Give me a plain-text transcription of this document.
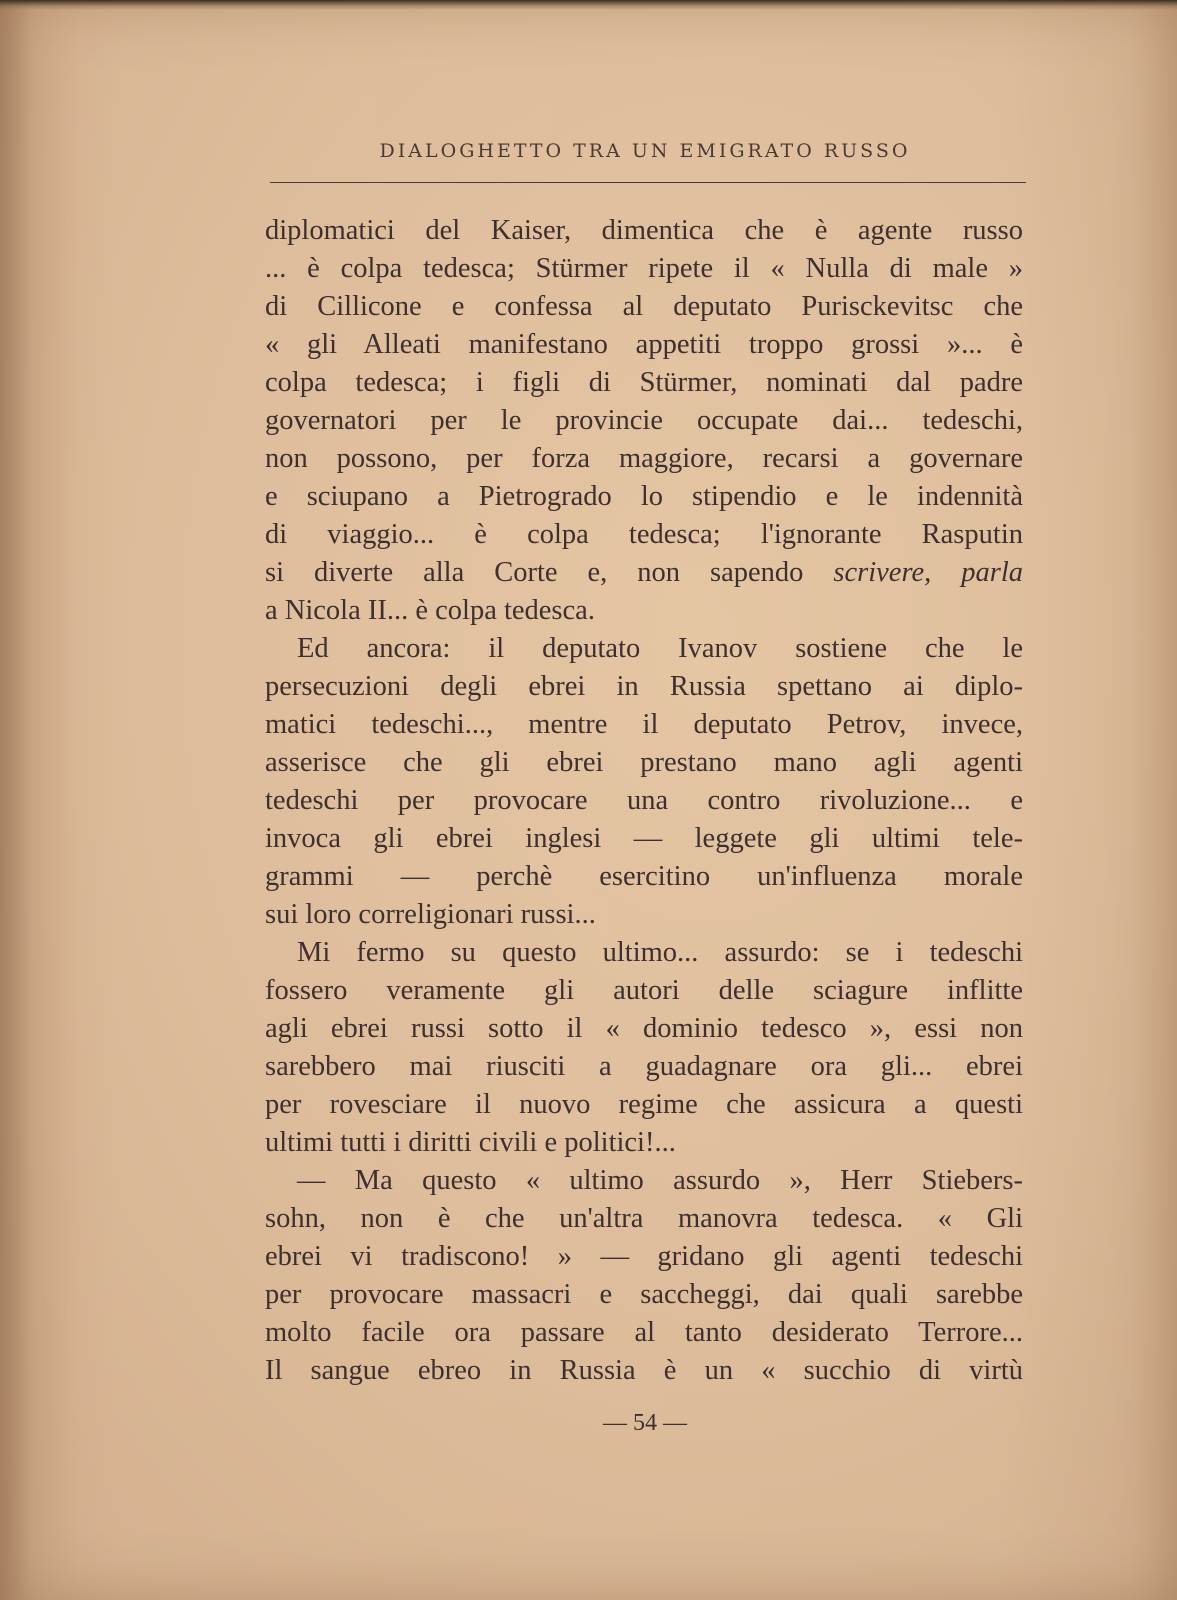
DIALOGHETTO TRA UN EMIGRATO RUSSO
diplomatici del Kaiser, dimentica che è agente russo
... è colpa tedesca; Stürmer ripete il « Nulla di male »
di Cillicone e confessa al deputato Purisckevitsc che
« gli Alleati manifestano appetiti troppo grossi »... è
colpa tedesca; i figli di Stürmer, nominati dal padre
governatori per le provincie occupate dai... tedeschi,
non possono, per forza maggiore, recarsi a governare
e sciupano a Pietrogrado lo stipendio e le indennità
di viaggio... è colpa tedesca; l'ignorante Rasputin
si diverte alla Corte e, non sapendo scrivere, parla
a Nicola II... è colpa tedesca.
Ed ancora: il deputato Ivanov sostiene che le
persecuzioni degli ebrei in Russia spettano ai diplo-
matici tedeschi..., mentre il deputato Petrov, invece,
asserisce che gli ebrei prestano mano agli agenti
tedeschi per provocare una contro rivoluzione... e
invoca gli ebrei inglesi — leggete gli ultimi tele-
grammi — perchè esercitino un'influenza morale
sui loro correligionari russi...
Mi fermo su questo ultimo... assurdo: se i tedeschi
fossero veramente gli autori delle sciagure inflitte
agli ebrei russi sotto il « dominio tedesco », essi non
sarebbero mai riusciti a guadagnare ora gli... ebrei
per rovesciare il nuovo regime che assicura a questi
ultimi tutti i diritti civili e politici!...
— Ma questo « ultimo assurdo », Herr Stiebers-
sohn, non è che un'altra manovra tedesca. « Gli
ebrei vi tradiscono! » — gridano gli agenti tedeschi
per provocare massacri e saccheggi, dai quali sarebbe
molto facile ora passare al tanto desiderato Terrore...
Il sangue ebreo in Russia è un « succhio di virtù
— 54 —
